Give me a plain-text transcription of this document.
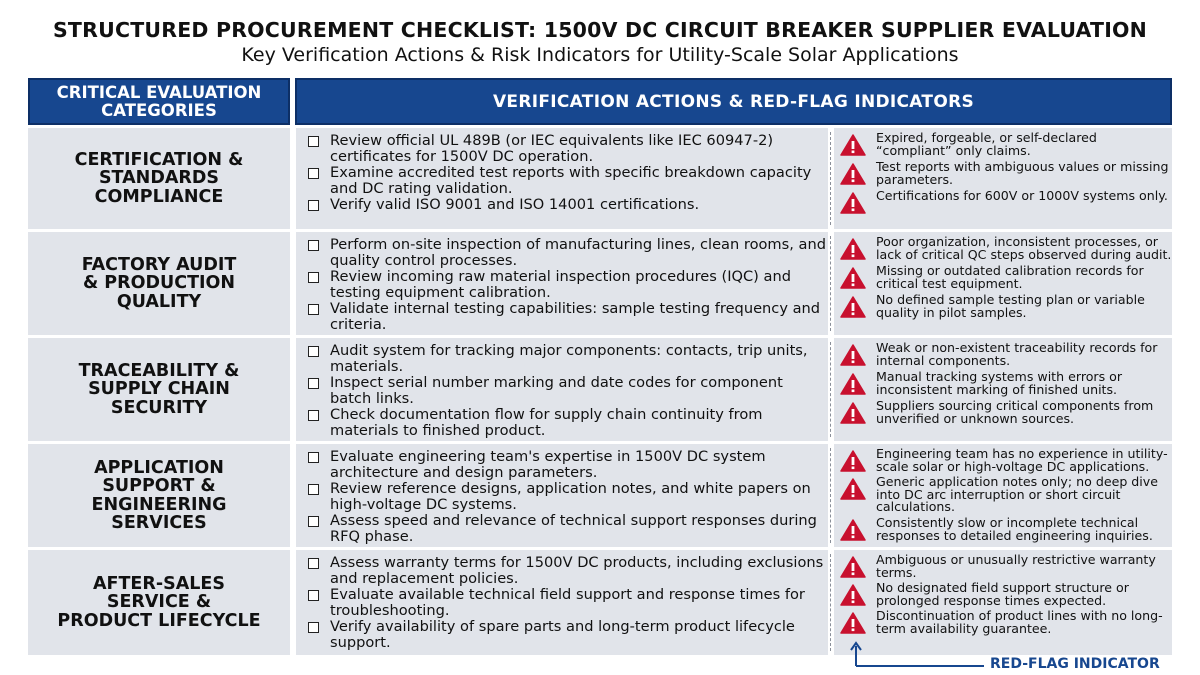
STRUCTURED PROCUREMENT CHECKLIST: 1500V DC CIRCUIT BREAKER SUPPLIER EVALUATION
Key Verification Actions & Risk Indicators for Utility-Scale Solar Applications
CRITICAL EVALUATION
CATEGORIES	VERIFICATION ACTIONS & RED-FLAG INDICATORS
CERTIFICATION &
STANDARDS
COMPLIANCE
Review official UL 489B (or IEC equivalents like IEC 60947-2) certificates for 1500V DC operation.
Examine accredited test reports with specific breakdown capacity and DC rating validation.
Verify valid ISO 9001 and ISO 14001 certifications.
Expired, forgeable, or self-declared “compliant” only claims.
Test reports with ambiguous values or missing parameters.
Certifications for 600V or 1000V systems only.
FACTORY AUDIT
& PRODUCTION
QUALITY
Perform on-site inspection of manufacturing lines, clean rooms, and quality control processes.
Review incoming raw material inspection procedures (IQC) and testing equipment calibration.
Validate internal testing capabilities: sample testing frequency and criteria.
Poor organization, inconsistent processes, or lack of critical QC steps observed during audit.
Missing or outdated calibration records for critical test equipment.
No defined sample testing plan or variable quality in pilot samples.
TRACEABILITY &
SUPPLY CHAIN
SECURITY
Audit system for tracking major components: contacts, trip units, materials.
Inspect serial number marking and date codes for component batch links.
Check documentation flow for supply chain continuity from materials to finished product.
Weak or non-existent traceability records for internal components.
Manual tracking systems with errors or inconsistent marking of finished units.
Suppliers sourcing critical components from unverified or unknown sources.
APPLICATION
SUPPORT &
ENGINEERING
SERVICES
Evaluate engineering team's expertise in 1500V DC system architecture and design parameters.
Review reference designs, application notes, and white papers on high-voltage DC systems.
Assess speed and relevance of technical support responses during RFQ phase.
Engineering team has no experience in utility-scale solar or high-voltage DC applications.
Generic application notes only; no deep dive into DC arc interruption or short circuit calculations.
Consistently slow or incomplete technical responses to detailed engineering inquiries.
AFTER-SALES
SERVICE &
PRODUCT LIFECYCLE
Assess warranty terms for 1500V DC products, including exclusions and replacement policies.
Evaluate available technical field support and response times for troubleshooting.
Verify availability of spare parts and long-term product lifecycle support.
Ambiguous or unusually restrictive warranty terms.
No designated field support structure or prolonged response times expected.
Discontinuation of product lines with no long-term availability guarantee.
RED-FLAG INDICATOR
